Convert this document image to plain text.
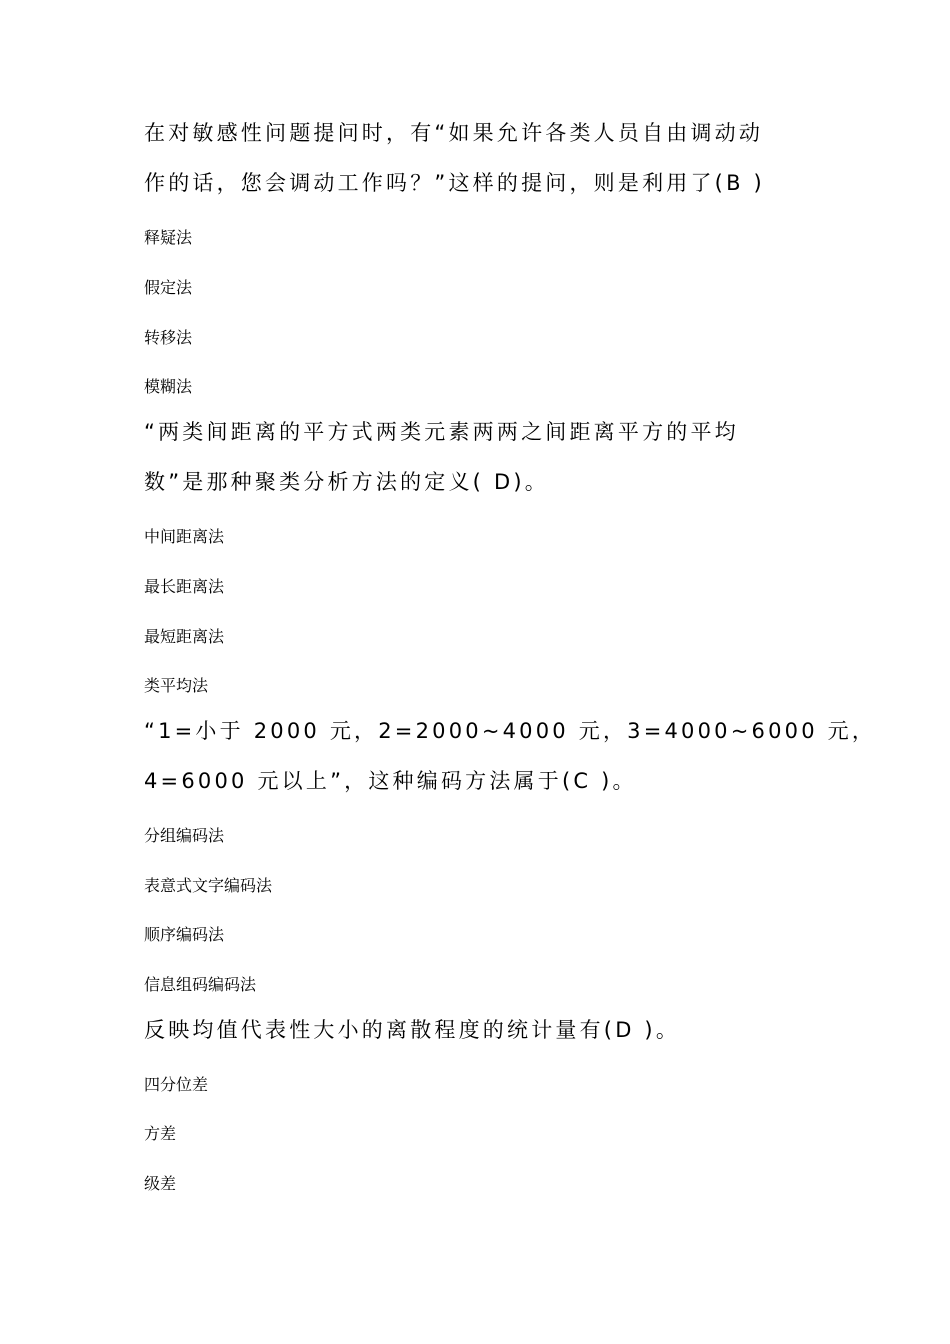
在对敏感性问题提问时，有“如果允许各类人员自由调动动
作的话，您会调动工作吗？”这样的提问，则是利用了(B )
释疑法
假定法
转移法
模糊法
“两类间距离的平方式两类元素两两之间距离平方的平均
数”是那种聚类分析方法的定义( D)。
中间距离法
最长距离法
最短距离法
类平均法
“1=小于 2000 元，2=2000~4000 元，3=4000~6000 元，
4=6000 元以上”，这种编码方法属于(C )。
分组编码法
表意式文字编码法
顺序编码法
信息组码编码法
反映均值代表性大小的离散程度的统计量有(D )。
四分位差
方差
级差
